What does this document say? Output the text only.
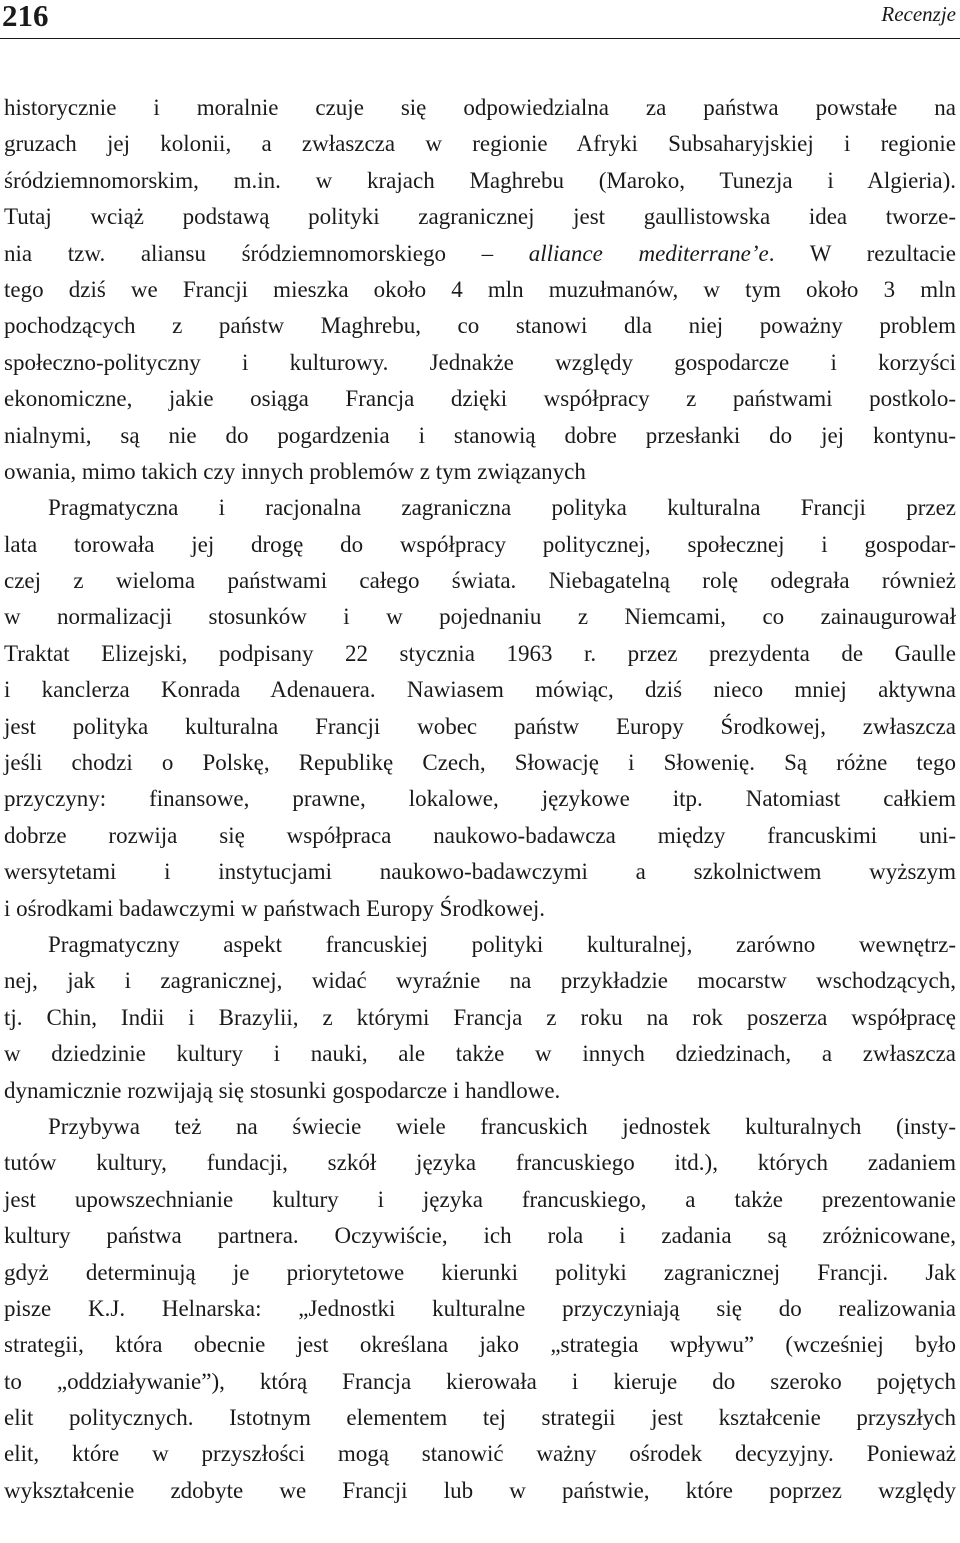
216	Recenzje
historycznie i moralnie czuje się odpowiedzialna za państwa powstałe na
gruzach jej kolonii, a zwłaszcza w regionie Afryki Subsaharyjskiej i regionie
śródziemnomorskim, m.in. w krajach Maghrebu (Maroko, Tunezja i Algieria).
Tutaj wciąż podstawą polityki zagranicznej jest gaullistowska idea tworze-
nia tzw. aliansu śródziemnomorskiego – alliance mediterrane’e. W rezultacie
tego dziś we Francji mieszka około 4 mln muzułmanów, w tym około 3 mln
pochodzących z państw Maghrebu, co stanowi dla niej poważny problem
społeczno-polityczny i kulturowy. Jednakże względy gospodarcze i korzyści
ekonomiczne, jakie osiąga Francja dzięki współpracy z państwami postkolo-
nialnymi, są nie do pogardzenia i stanowią dobre przesłanki do jej kontynu-
owania, mimo takich czy innych problemów z tym związanych
Pragmatyczna i racjonalna zagraniczna polityka kulturalna Francji przez
lata torowała jej drogę do współpracy politycznej, społecznej i gospodar-
czej z wieloma państwami całego świata. Niebagatelną rolę odegrała również
w normalizacji stosunków i w pojednaniu z Niemcami, co zainaugurował
Traktat Elizejski, podpisany 22 stycznia 1963 r. przez prezydenta de Gaulle
i kanclerza Konrada Adenauera. Nawiasem mówiąc, dziś nieco mniej aktywna
jest polityka kulturalna Francji wobec państw Europy Środkowej, zwłaszcza
jeśli chodzi o Polskę, Republikę Czech, Słowację i Słowenię. Są różne tego
przyczyny: finansowe, prawne, lokalowe, językowe itp. Natomiast całkiem
dobrze rozwija się współpraca naukowo-badawcza między francuskimi uni-
wersytetami i instytucjami naukowo-badawczymi a szkolnictwem wyższym
i ośrodkami badawczymi w państwach Europy Środkowej.
Pragmatyczny aspekt francuskiej polityki kulturalnej, zarówno wewnętrz-
nej, jak i zagranicznej, widać wyraźnie na przykładzie mocarstw wschodzących,
tj. Chin, Indii i Brazylii, z którymi Francja z roku na rok poszerza współpracę
w dziedzinie kultury i nauki, ale także w innych dziedzinach, a zwłaszcza
dynamicznie rozwijają się stosunki gospodarcze i handlowe.
Przybywa też na świecie wiele francuskich jednostek kulturalnych (insty-
tutów kultury, fundacji, szkół języka francuskiego itd.), których zadaniem
jest upowszechnianie kultury i języka francuskiego, a także prezentowanie
kultury państwa partnera. Oczywiście, ich rola i zadania są zróżnicowane,
gdyż determinują je priorytetowe kierunki polityki zagranicznej Francji. Jak
pisze K.J. Helnarska: „Jednostki kulturalne przyczyniają się do realizowania
strategii, która obecnie jest określana jako „strategia wpływu” (wcześniej było
to „oddziaływanie”), którą Francja kierowała i kieruje do szeroko pojętych
elit politycznych. Istotnym elementem tej strategii jest kształcenie przyszłych
elit, które w przyszłości mogą stanowić ważny ośrodek decyzyjny. Ponieważ
wykształcenie zdobyte we Francji lub w państwie, które poprzez względy
